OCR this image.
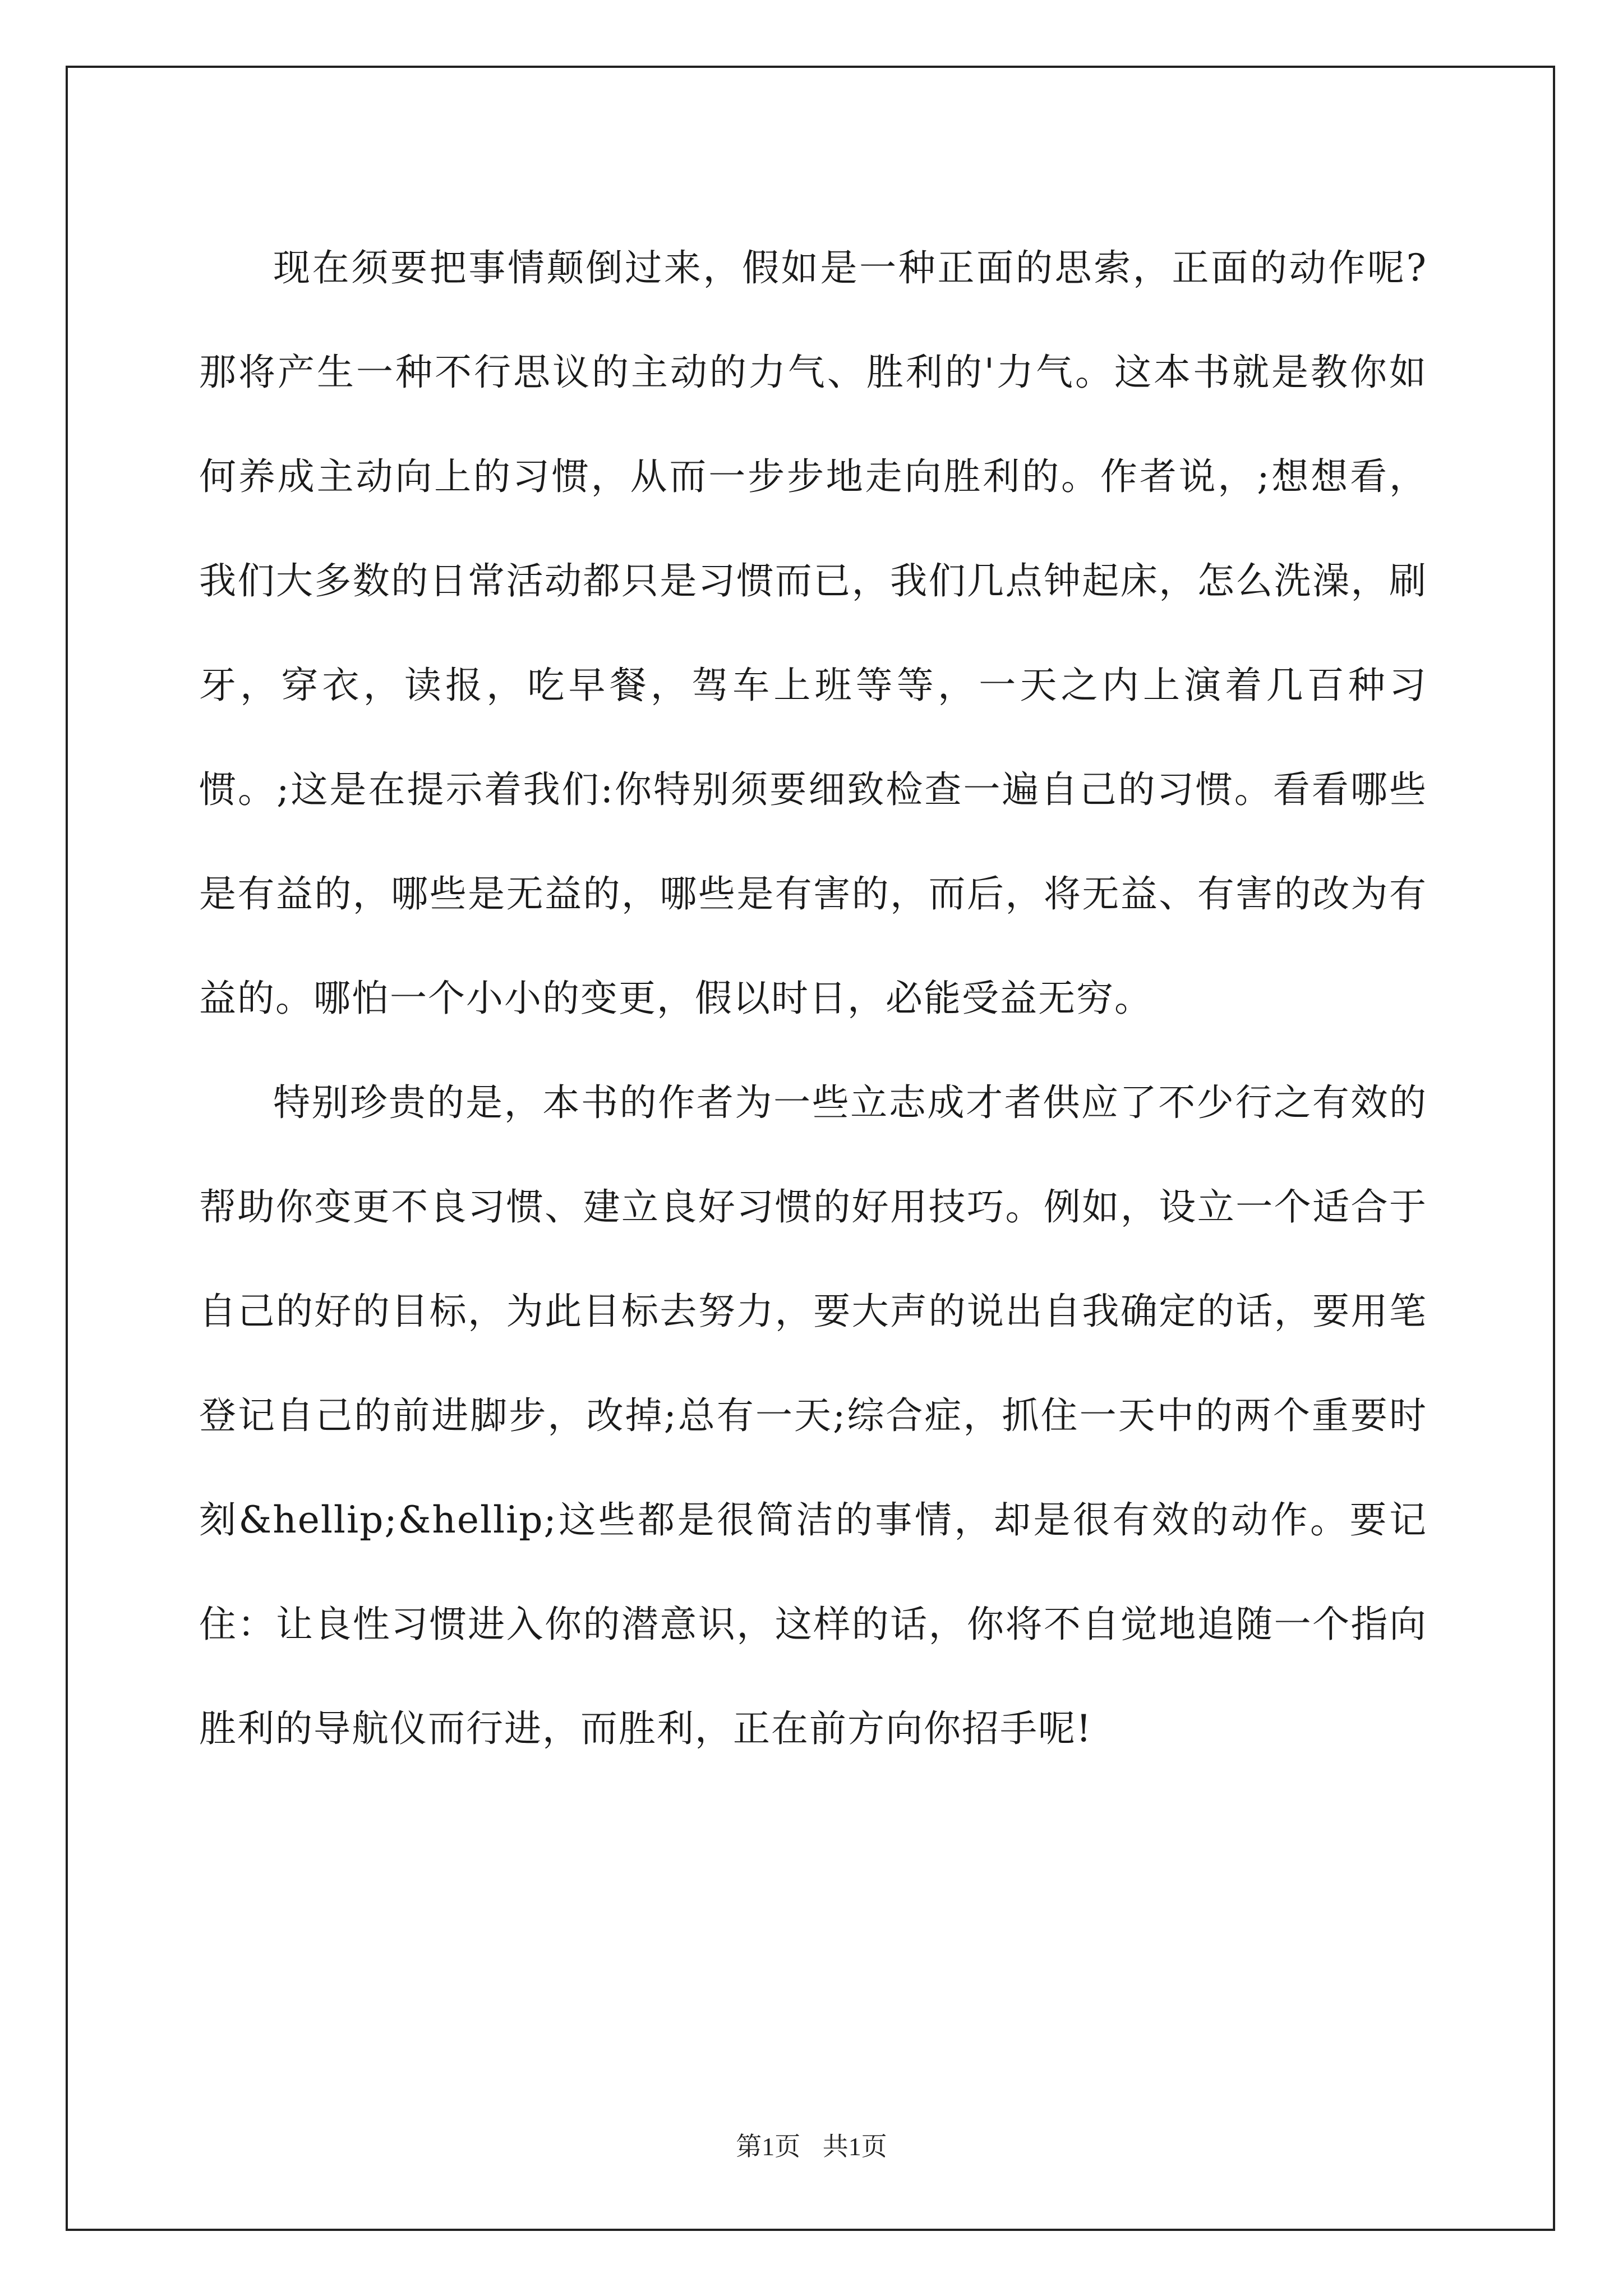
现在须要把事情颠倒过来，假如是一种正面的思索，正面的动作呢?那将产生一种不行思议的主动的力气、胜利的'力气。这本书就是教你如何养成主动向上的习惯，从而一步步地走向胜利的。作者说，;想想看，我们大多数的日常活动都只是习惯而已，我们几点钟起床，怎么洗澡，刷牙，穿衣，读报，吃早餐，驾车上班等等，一天之内上演着几百种习惯。;这是在提示着我们:你特别须要细致检查一遍自己的习惯。看看哪些是有益的，哪些是无益的，哪些是有害的，而后，将无益、有害的改为有益的。哪怕一个小小的变更，假以时日，必能受益无穷。

特别珍贵的是，本书的作者为一些立志成才者供应了不少行之有效的帮助你变更不良习惯、建立良好习惯的好用技巧。例如，设立一个适合于自己的好的目标，为此目标去努力，要大声的说出自我确定的话，要用笔登记自己的前进脚步，改掉;总有一天;综合症，抓住一天中的两个重要时刻&hellip;&hellip;这些都是很简洁的事情，却是很有效的动作。要记住：让良性习惯进入你的潜意识，这样的话，你将不自觉地追随一个指向胜利的导航仪而行进，而胜利，正在前方向你招手呢!

第1页 共1页
